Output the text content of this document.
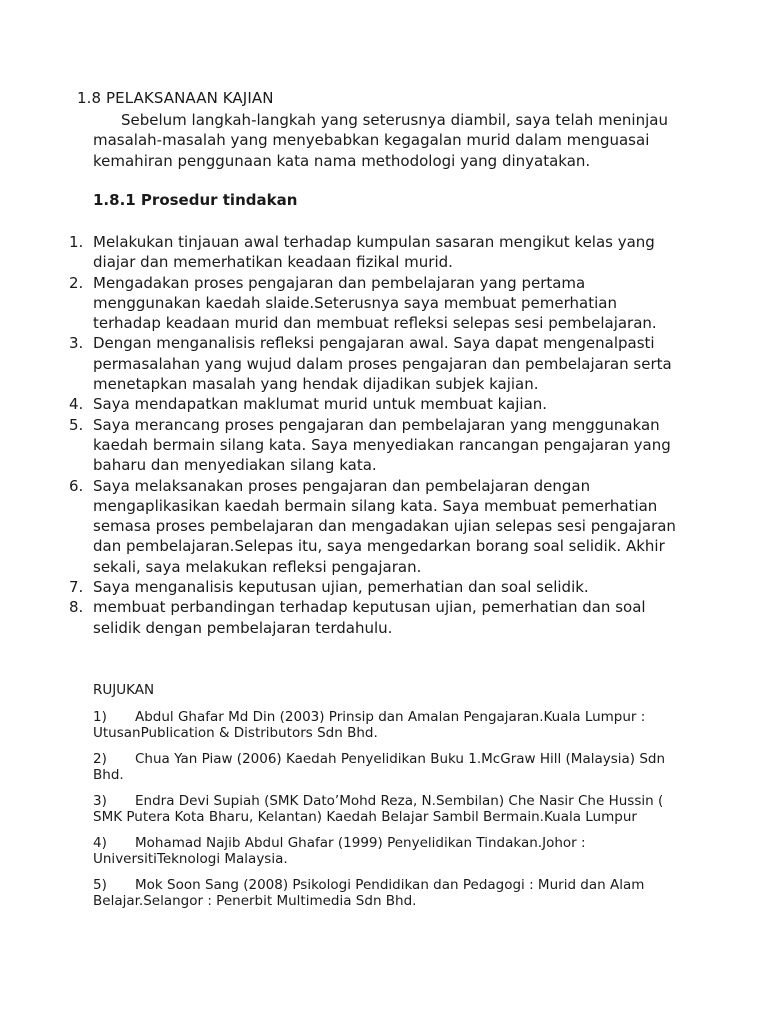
1.8 PELAKSANAAN KAJIAN
Sebelum langkah-langkah yang seterusnya diambil, saya telah meninjau masalah-masalah yang menyebabkan kegagalan murid dalam menguasai kemahiran penggunaan kata nama methodologi yang dinyatakan.
1.8.1 Prosedur tindakan
1. Melakukan tinjauan awal terhadap kumpulan sasaran mengikut kelas yang diajar dan memerhatikan keadaan fizikal murid.
2. Mengadakan proses pengajaran dan pembelajaran yang pertama menggunakan kaedah slaide.Seterusnya saya membuat pemerhatian terhadap keadaan murid dan membuat refleksi selepas sesi pembelajaran.
3. Dengan menganalisis refleksi pengajaran awal. Saya dapat mengenalpasti permasalahan yang wujud dalam proses pengajaran dan pembelajaran serta menetapkan masalah yang hendak dijadikan subjek kajian.
4. Saya mendapatkan maklumat murid untuk membuat kajian.
5. Saya merancang proses pengajaran dan pembelajaran yang menggunakan kaedah bermain silang kata. Saya menyediakan rancangan pengajaran yang baharu dan menyediakan silang kata.
6. Saya melaksanakan proses pengajaran dan pembelajaran dengan mengaplikasikan kaedah bermain silang kata. Saya membuat pemerhatian semasa proses pembelajaran dan mengadakan ujian selepas sesi pengajaran dan pembelajaran.Selepas itu, saya mengedarkan borang soal selidik. Akhir sekali, saya melakukan refleksi pengajaran.
7. Saya menganalisis keputusan ujian, pemerhatian dan soal selidik.
8. membuat perbandingan terhadap keputusan ujian, pemerhatian dan soal selidik dengan pembelajaran terdahulu.
RUJUKAN
1) Abdul Ghafar Md Din (2003) Prinsip dan Amalan Pengajaran.Kuala Lumpur : UtusanPublication & Distributors Sdn Bhd.
2) Chua Yan Piaw (2006) Kaedah Penyelidikan Buku 1.McGraw Hill (Malaysia) Sdn Bhd.
3) Endra Devi Supiah (SMK Dato’Mohd Reza, N.Sembilan) Che Nasir Che Hussin ( SMK Putera Kota Bharu, Kelantan) Kaedah Belajar Sambil Bermain.Kuala Lumpur
4) Mohamad Najib Abdul Ghafar (1999) Penyelidikan Tindakan.Johor : UniversitiTeknologi Malaysia.
5) Mok Soon Sang (2008) Psikologi Pendidikan dan Pedagogi : Murid dan Alam Belajar.Selangor : Penerbit Multimedia Sdn Bhd.
